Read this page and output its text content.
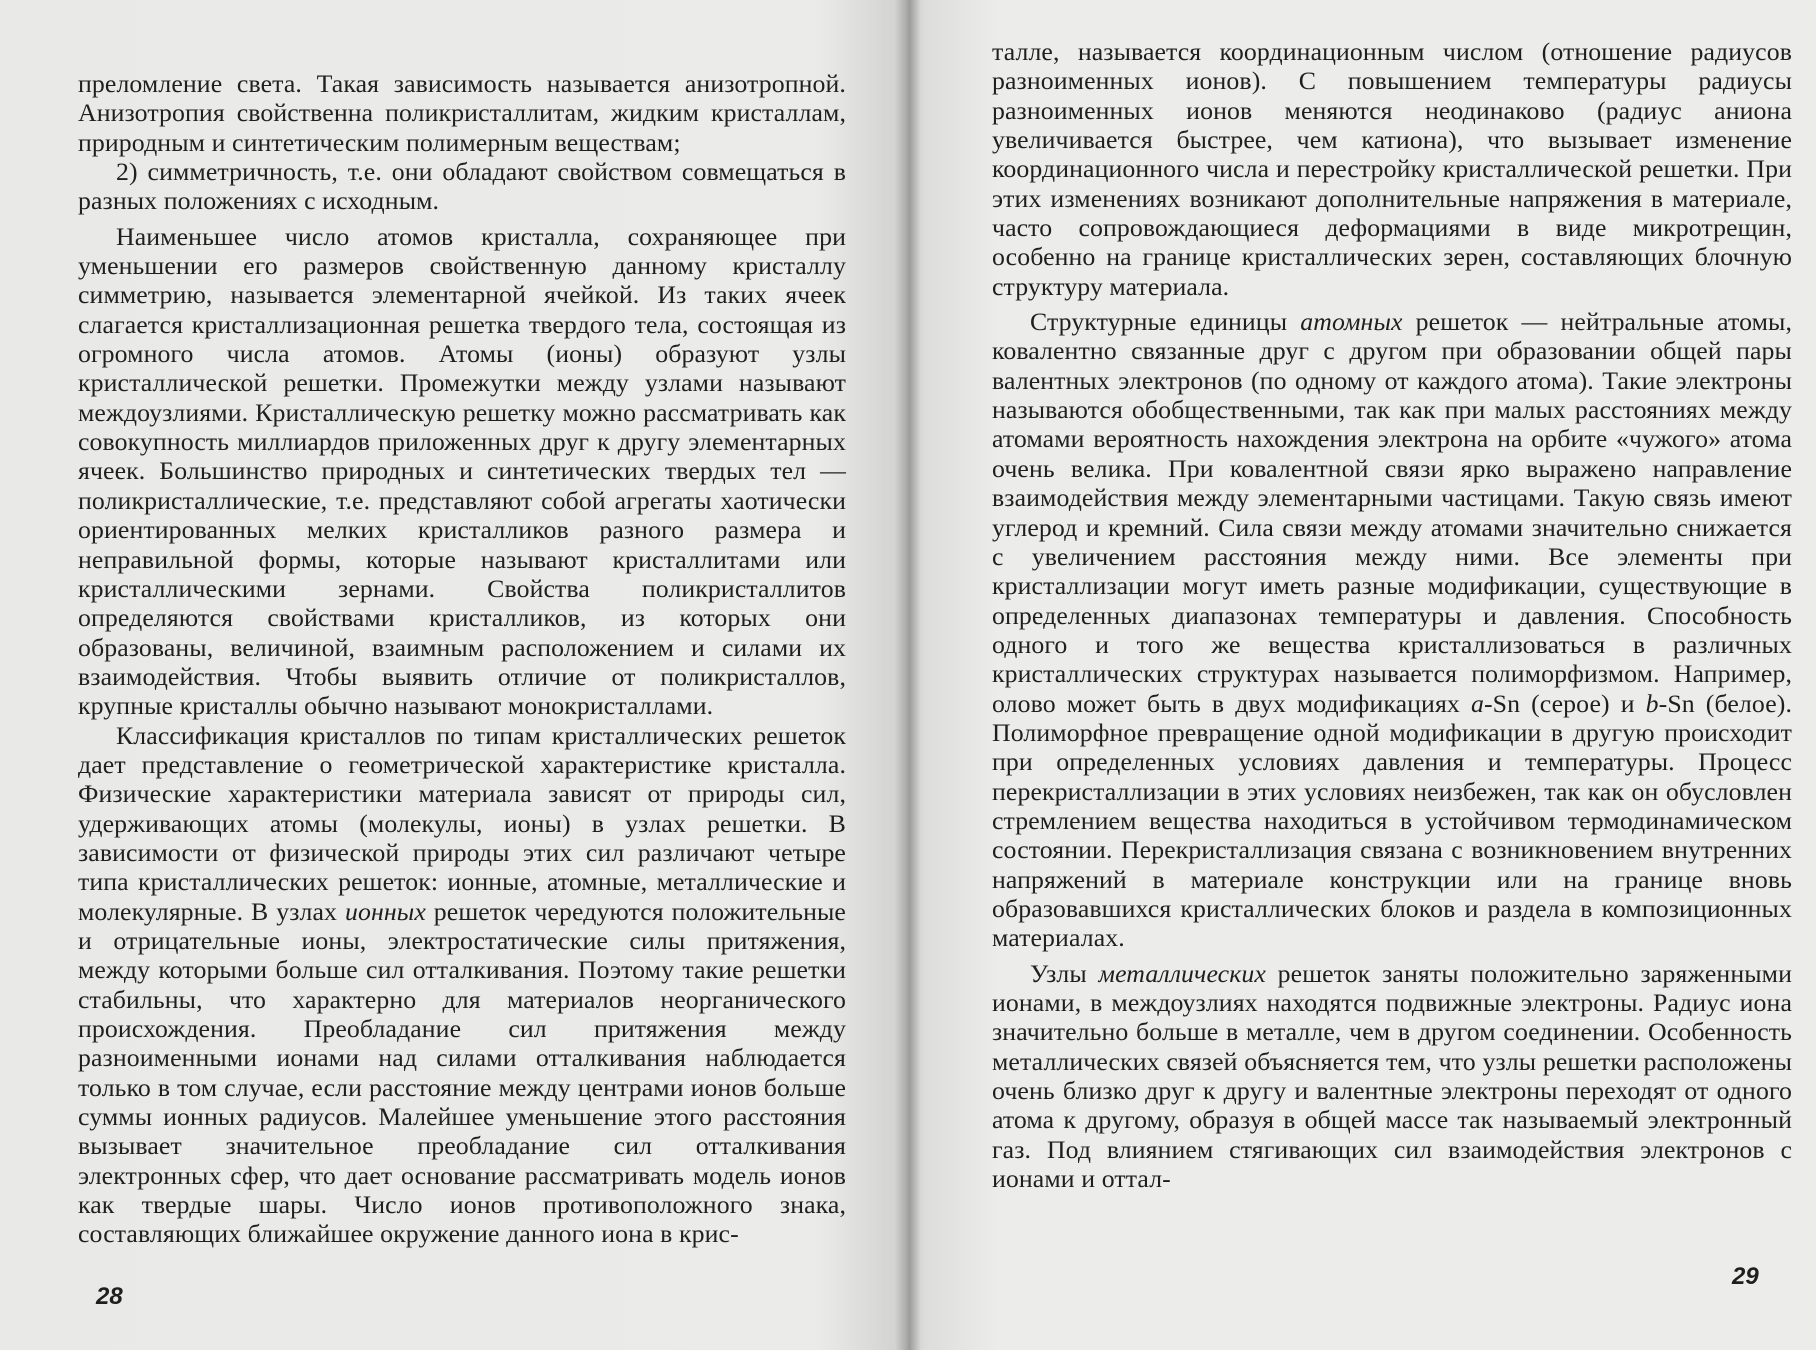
преломление света. Такая зависимость называется анизотропной. Анизотропия свойственна поликристаллитам, жидким кристаллам, природным и синтетическим полимерным веществам;

2) симметричность, т.е. они обладают свойством совмещаться в разных положениях с исходным.

Наименьшее число атомов кристалла, сохраняющее при уменьшении его размеров свойственную данному кристаллу симметрию, называется элементарной ячейкой. Из таких ячеек слагается кристаллизационная решетка твердого тела, состоящая из огромного числа атомов. Атомы (ионы) образуют узлы кристаллической решетки. Промежутки между узлами называют междоузлиями. Кристаллическую решетку можно рассматривать как совокупность миллиардов приложенных друг к другу элементарных ячеек. Большинство природных и синтетических твердых тел — поликристаллические, т.е. представляют собой агрегаты хаотически ориентированных мелких кристалликов разного размера и неправильной формы, которые называют кристаллитами или кристаллическими зернами. Свойства поликристаллитов определяются свойствами кристалликов, из которых они образованы, величиной, взаимным расположением и силами их взаимодействия. Чтобы выявить отличие от поликристаллов, крупные кристаллы обычно называют монокристаллами.

Классификация кристаллов по типам кристаллических решеток дает представление о геометрической характеристике кристалла. Физические характеристики материала зависят от природы сил, удерживающих атомы (молекулы, ионы) в узлах решетки. В зависимости от физической природы этих сил различают четыре типа кристаллических решеток: ионные, атомные, металлические и молекулярные. В узлах ионных решеток чередуются положительные и отрицательные ионы, электростатические силы притяжения, между которыми больше сил отталкивания. Поэтому такие решетки стабильны, что характерно для материалов неорганического происхождения. Преобладание сил притяжения между разноименными ионами над силами отталкивания наблюдается только в том случае, если расстояние между центрами ионов больше суммы ионных радиусов. Малейшее уменьшение этого расстояния вызывает значительное преобладание сил отталкивания электронных сфер, что дает основание рассматривать модель ионов как твердые шары. Число ионов противоположного знака, составляющих ближайшее окружение данного иона в крис-

28

талле, называется координационным числом (отношение радиусов разноименных ионов). С повышением температуры радиусы разноименных ионов меняются неодинаково (радиус аниона увеличивается быстрее, чем катиона), что вызывает изменение координационного числа и перестройку кристаллической решетки. При этих изменениях возникают дополнительные напряжения в материале, часто сопровождающиеся деформациями в виде микротрещин, особенно на границе кристаллических зерен, составляющих блочную структуру материала.

Структурные единицы атомных решеток — нейтральные атомы, ковалентно связанные друг с другом при образовании общей пары валентных электронов (по одному от каждого атома). Такие электроны называются обобщественными, так как при малых расстояниях между атомами вероятность нахождения электрона на орбите «чужого» атома очень велика. При ковалентной связи ярко выражено направление взаимодействия между элементарными частицами. Такую связь имеют углерод и кремний. Сила связи между атомами значительно снижается с увеличением расстояния между ними. Все элементы при кристаллизации могут иметь разные модификации, существующие в определенных диапазонах температуры и давления. Способность одного и того же вещества кристаллизоваться в различных кристаллических структурах называется полиморфизмом. Например, олово может быть в двух модификациях a-Sn (серое) и b-Sn (белое). Полиморфное превращение одной модификации в другую происходит при определенных условиях давления и температуры. Процесс перекристаллизации в этих условиях неизбежен, так как он обусловлен стремлением вещества находиться в устойчивом термодинамическом состоянии. Перекристаллизация связана с возникновением внутренних напряжений в материале конструкции или на границе вновь образовавшихся кристаллических блоков и раздела в композиционных материалах.

Узлы металлических решеток заняты положительно заряженными ионами, в междоузлиях находятся подвижные электроны. Радиус иона значительно больше в металле, чем в другом соединении. Особенность металлических связей объясняется тем, что узлы решетки расположены очень близко друг к другу и валентные электроны переходят от одного атома к другому, образуя в общей массе так называемый электронный газ. Под влиянием стягивающих сил взаимодействия электронов с ионами и оттал-

29
